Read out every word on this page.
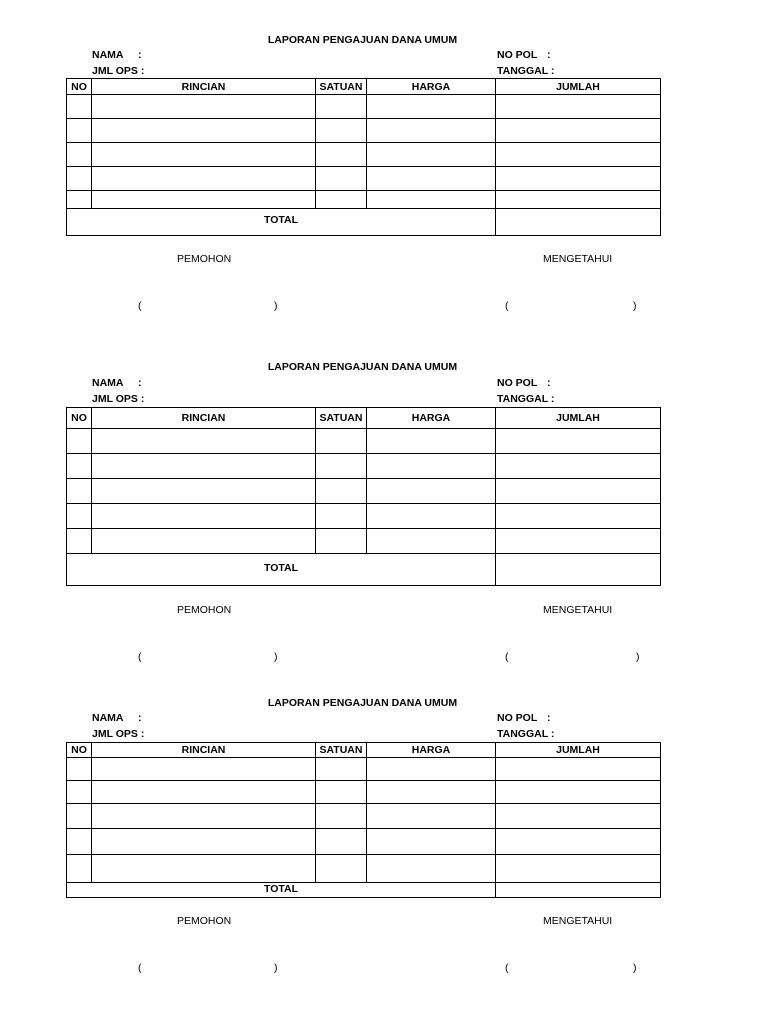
LAPORAN PENGAJUAN DANA UMUM
NAMA :
JML OPS :
NO POL :
TANGGAL :
NO	RINCIAN	SATUAN	HARGA	JUMLAH

TOTAL				
PEMOHON	MENGETAHUI
(	)	(	)
LAPORAN PENGAJUAN DANA UMUM
NAMA :
JML OPS :
NO POL :
TANGGAL :
NO	RINCIAN	SATUAN	HARGA	JUMLAH

TOTAL				
PEMOHON	MENGETAHUI
(	)	(	)
LAPORAN PENGAJUAN DANA UMUM
NAMA :
JML OPS :
NO POL :
TANGGAL :
NO	RINCIAN	SATUAN	HARGA	JUMLAH

TOTAL				
PEMOHON	MENGETAHUI
(	)	(	)
